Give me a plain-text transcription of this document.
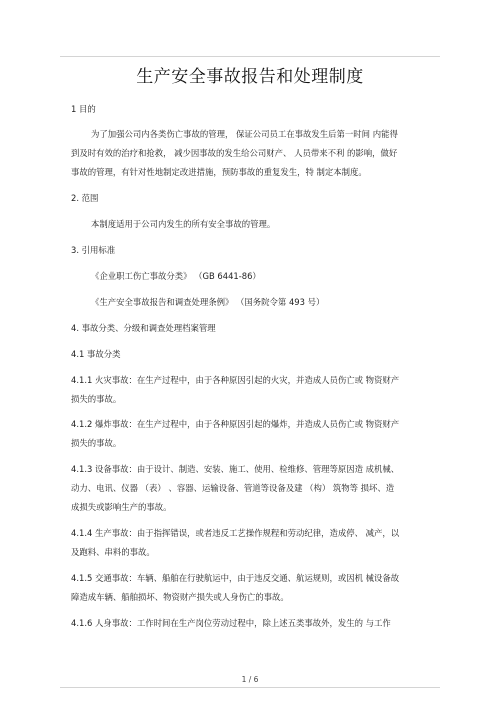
生产安全事故报告和处理制度
1 目的
为了加强公司内各类伤亡事故的管理， 保证公司员工在事故发生后第一时间 内能得
到及时有效的治疗和抢救， 减少因事故的发生给公司财产、 人员带来不利 的影响，做好
事故的管理，有针对性地制定改进措施，预防事故的重复发生，特 制定本制度。
2. 范围
本制度适用于公司内发生的所有安全事故的管理。
3. 引用标准
《企业职工伤亡事故分类》 （GB 6441-86）
《生产安全事故报告和调查处理条例》 （国务院令第 493 号）
4. 事故分类、分级和调查处理档案管理
4.1 事故分类
4.1.1 火灾事故：在生产过程中，由于各种原因引起的火灾，并造成人员伤亡或 物资财产
损失的事故。
4.1.2 爆炸事故：在生产过程中，由于各种原因引起的爆炸，并造成人员伤亡或 物资财产
损失的事故。
4.1.3 设备事故：由于设计、制造、安装、施工、使用、检维修、管理等原因造 成机械、
动力、电讯、仪器 （表） 、容器、运输设备、管道等设备及建 （构） 筑物等 损坏、造
成损失或影响生产的事故。
4.1.4 生产事故：由于指挥错误，或者违反工艺操作规程和劳动纪律，造成停、 减产，以
及跑料、串料的事故。
4.1.5 交通事故：车辆、船舶在行驶航运中，由于违反交通、航运规则，或因机 械设备故
障造成车辆、船舶损坏、物资财产损失或人身伤亡的事故。
4.1.6 人身事故：工作时间在生产岗位劳动过程中，除上述五类事故外，发生的 与工作
1 / 6
